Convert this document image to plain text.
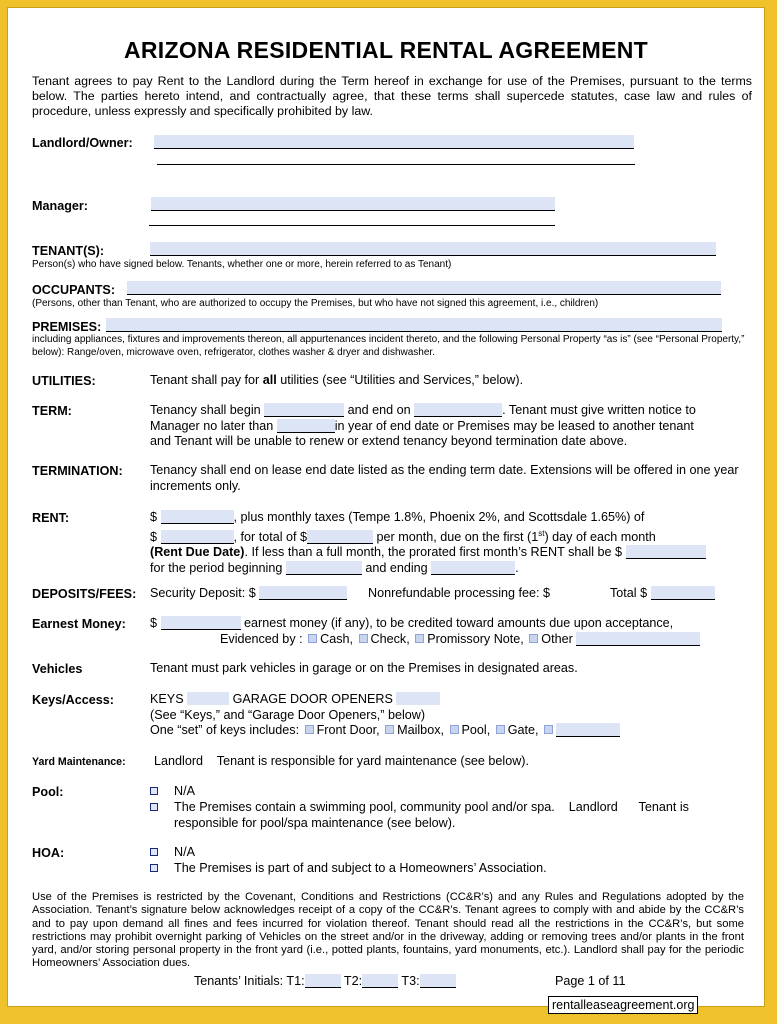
ARIZONA RESIDENTIAL RENTAL AGREEMENT
Tenant agrees to pay Rent to the Landlord during the Term hereof in exchange for use of the Premises, pursuant to the terms below. The parties hereto intend, and contractually agree, that these terms shall supercede statutes, case law and rules of procedure, unless expressly and specifically prohibited by law.
Landlord/Owner:
Manager:
TENANT(S):
Person(s) who have signed below. Tenants, whether one or more, herein referred to as Tenant)
OCCUPANTS:
(Persons, other than Tenant, who are authorized to occupy the Premises, but who have not signed this agreement, i.e., children)
PREMISES:
including appliances, fixtures and improvements thereon, all appurtenances incident thereto, and the following Personal Property “as is” (see “Personal Property,” below): Range/oven, microwave oven, refrigerator, clothes washer & dryer and dishwasher.
UTILITIES:	Tenant shall pay for all utilities (see “Utilities and Services,” below).
TERM:	Tenancy shall begin	and end on	. Tenant must give written notice to
Manager no later than	in year of end date or Premises may be leased to another tenant
and Tenant will be unable to renew or extend tenancy beyond termination date above.
TERMINATION: Tenancy shall end on lease end date listed as the ending term date. Extensions will be offered in one year increments only.
RENT:	$	, plus monthly taxes (Tempe 1.8%, Phoenix 2%, and Scottsdale 1.65%) of
$	, for total of $	per month, due on the first (1st) day of each month
(Rent Due Date). If less than a full month, the prorated first month’s RENT shall be $
for the period beginning	and ending	.
DEPOSITS/FEES: Security Deposit: $	Nonrefundable processing fee: $	Total $
Earnest Money: $	earnest money (if any), to be credited toward amounts due upon acceptance,
Evidenced by : Cash, Check, Promissory Note, Other
Vehicles	Tenant must park vehicles in garage or on the Premises in designated areas.
Keys/Access:	KEYS	GARAGE DOOR OPENERS
(See “Keys,” and “Garage Door Openers,” below)
One “set” of keys includes: Front Door, Mailbox, Pool, Gate,
Yard Maintenance: Landlord    Tenant is responsible for yard maintenance (see below).
Pool:	N/A
The Premises contain a swimming pool, community pool and/or spa.    Landlord      Tenant is responsible for pool/spa maintenance (see below).
HOA:	N/A
The Premises is part of and subject to a Homeowners’ Association.
Use of the Premises is restricted by the Covenant, Conditions and Restrictions (CC&R’s) and any Rules and Regulations adopted by the Association. Tenant’s signature below acknowledges receipt of a copy of the CC&R’s. Tenant agrees to comply with and abide by the CC&R’s and to pay upon demand all fines and fees incurred for violation thereof. Tenant should read all the restrictions in the CC&R’s, but some restrictions may prohibit overnight parking of Vehicles on the street and/or in the driveway, adding or removing trees and/or plants in the front yard, and/or storing personal property in the front yard (i.e., potted plants, fountains, yard monuments, etc.). Landlord shall pay for the periodic Homeowners’ Association dues.
Tenants’ Initials: T1:	T2:	T3:	Page 1 of 11
rentalleaseagreement.org
